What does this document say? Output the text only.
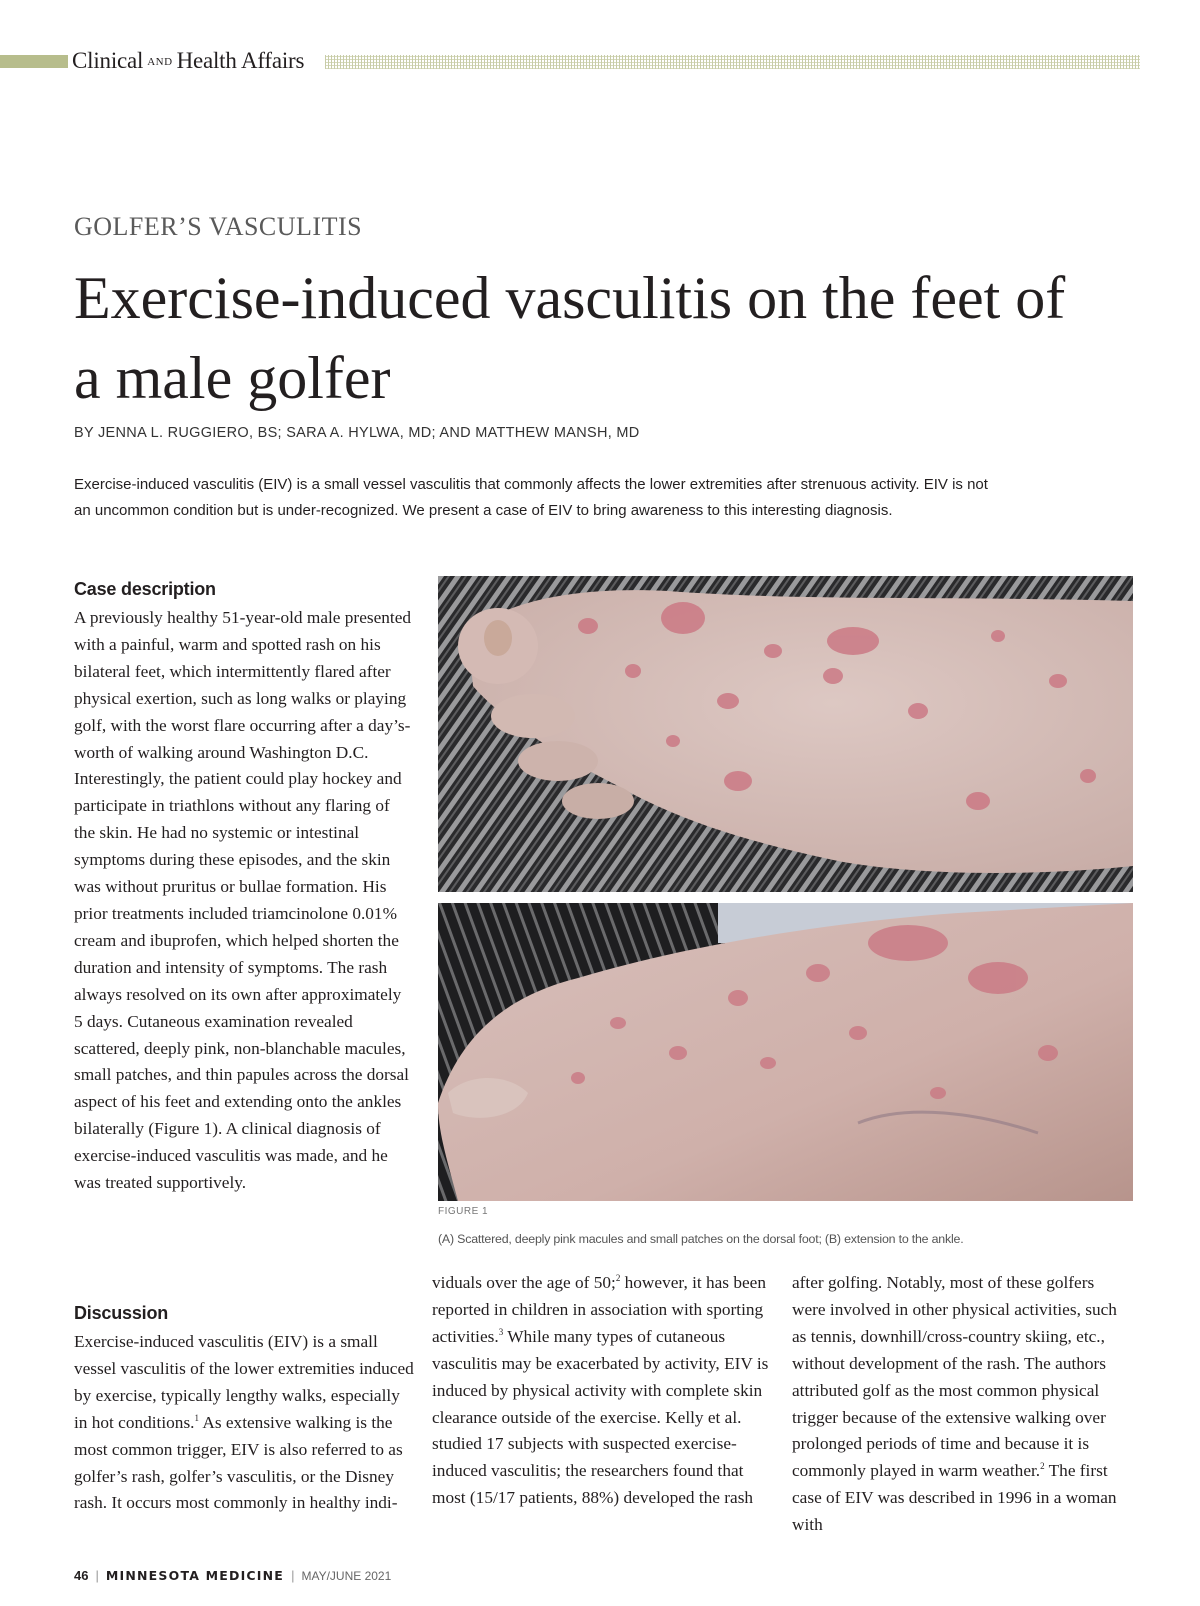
Clinical AND Health Affairs
GOLFER’S VASCULITIS
Exercise-induced vasculitis on the feet of a male golfer
BY JENNA L. RUGGIERO, BS; SARA A. HYLWA, MD; AND MATTHEW MANSH, MD

Exercise-induced vasculitis (EIV) is a small vessel vasculitis that commonly affects the lower extremities after strenuous activity. EIV is not an uncommon condition but is under-recognized. We present a case of EIV to bring awareness to this interesting diagnosis.

Case description

A previously healthy 51-year-old male presented with a painful, warm and spotted rash on his bilateral feet, which intermittently flared after physical exertion, such as long walks or playing golf, with the worst flare occurring after a day’s-worth of walking around Washington D.C. Interestingly, the patient could play hockey and participate in triathlons without any flaring of the skin. He had no systemic or intestinal symptoms during these episodes, and the skin was without pruritus or bullae formation. His prior treatments included triamcinolone 0.01% cream and ibuprofen, which helped shorten the duration and intensity of symptoms. The rash always resolved on its own after approximately 5 days. Cutaneous examination revealed scattered, deeply pink, non-blanchable macules, small patches, and thin papules across the dorsal aspect of his feet and extending onto the ankles bilaterally (Figure 1). A clinical diagnosis of exercise-induced vasculitis was made, and he was treated supportively.

FIGURE 1
(A) Scattered, deeply pink macules and small patches on the dorsal foot; (B) extension to the ankle.
Discussion

Exercise-induced vasculitis (EIV) is a small vessel vasculitis of the lower extremities induced by exercise, typically lengthy walks, especially in hot conditions.$^1$ As extensive walking is the most common trigger, EIV is also referred to as golfer’s rash, golfer’s vasculitis, or the Disney rash. It occurs most commonly in healthy indi-

viduals over the age of 50;$^2$ however, it has been reported in children in association with sporting activities.$^3$ While many types of cutaneous vasculitis may be exacerbated by activity, EIV is induced by physical activity with complete skin clearance outside of the exercise. Kelly et al. studied 17 subjects with suspected exercise-induced vasculitis; the researchers found that most (15/17 patients, 88%) developed the rash

after golfing. Notably, most of these golfers were involved in other physical activities, such as tennis, downhill/cross-country skiing, etc., without development of the rash. The authors attributed golf as the most common physical trigger because of the extensive walking over prolonged periods of time and because it is commonly played in warm weather.$^2$ The first case of EIV was described in 1996 in a woman with

46 | MINNESOTA MEDICINE | MAY/JUNE 2021
